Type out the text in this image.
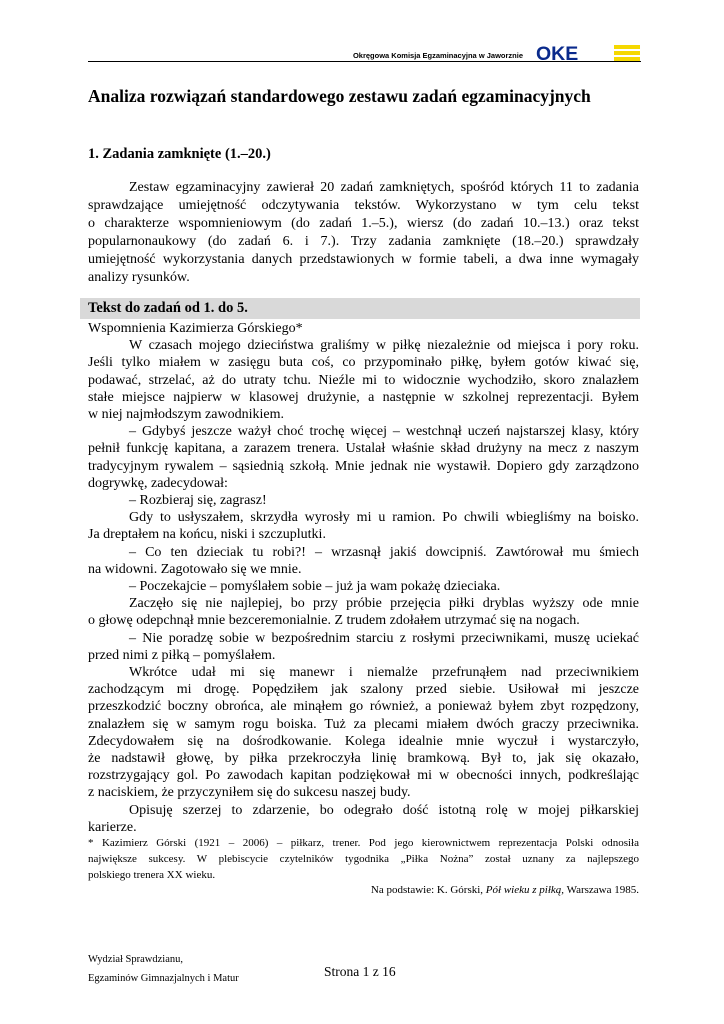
Okręgowa Komisja Egzaminacyjna w Jaworznie OKE
Analiza rozwiązań standardowego zestawu zadań egzaminacyjnych
1. Zadania zamknięte (1.–20.)
Zestaw egzaminacyjny zawierał 20 zadań zamkniętych, spośród których 11 to zadania
sprawdzające umiejętność odczytywania tekstów. Wykorzystano w tym celu tekst
o charakterze wspomnieniowym (do zadań 1.–5.), wiersz (do zadań 10.–13.) oraz tekst
popularnonaukowy (do zadań 6. i 7.). Trzy zadania zamknięte (18.–20.) sprawdzały
umiejętność wykorzystania danych przedstawionych w formie tabeli, a dwa inne wymagały
analizy rysunków.
Tekst do zadań od 1. do 5.
Wspomnienia Kazimierza Górskiego*
W czasach mojego dzieciństwa graliśmy w piłkę niezależnie od miejsca i pory roku.
Jeśli tylko miałem w zasięgu buta coś, co przypominało piłkę, byłem gotów kiwać się,
podawać, strzelać, aż do utraty tchu. Nieźle mi to widocznie wychodziło, skoro znalazłem
stałe miejsce najpierw w klasowej drużynie, a następnie w szkolnej reprezentacji. Byłem
w niej najmłodszym zawodnikiem.
– Gdybyś jeszcze ważył choć trochę więcej – westchnął uczeń najstarszej klasy, który
pełnił funkcję kapitana, a zarazem trenera. Ustalał właśnie skład drużyny na mecz z naszym
tradycyjnym rywalem – sąsiednią szkołą. Mnie jednak nie wystawił. Dopiero gdy zarządzono
dogrywkę, zadecydował:
– Rozbieraj się, zagrasz!
Gdy to usłyszałem, skrzydła wyrosły mi u ramion. Po chwili wbiegliśmy na boisko.
Ja dreptałem na końcu, niski i szczuplutki.
– Co ten dzieciak tu robi?! – wrzasnął jakiś dowcipniś. Zawtórował mu śmiech
na widowni. Zagotowało się we mnie.
– Poczekajcie – pomyślałem sobie – już ja wam pokażę dzieciaka.
Zaczęło się nie najlepiej, bo przy próbie przejęcia piłki dryblas wyższy ode mnie
o głowę odepchnął mnie bezceremonialnie. Z trudem zdołałem utrzymać się na nogach.
– Nie poradzę sobie w bezpośrednim starciu z rosłymi przeciwnikami, muszę uciekać
przed nimi z piłką – pomyślałem.
Wkrótce udał mi się manewr i niemalże przefrunąłem nad przeciwnikiem
zachodzącym mi drogę. Popędziłem jak szalony przed siebie. Usiłował mi jeszcze
przeszkodzić boczny obrońca, ale minąłem go również, a ponieważ byłem zbyt rozpędzony,
znalazłem się w samym rogu boiska. Tuż za plecami miałem dwóch graczy przeciwnika.
Zdecydowałem się na dośrodkowanie. Kolega idealnie mnie wyczuł i wystarczyło,
że nadstawił głowę, by piłka przekroczyła linię bramkową. Był to, jak się okazało,
rozstrzygający gol. Po zawodach kapitan podziękował mi w obecności innych, podkreślając
z naciskiem, że przyczyniłem się do sukcesu naszej budy.
Opisuję szerzej to zdarzenie, bo odegrało dość istotną rolę w mojej piłkarskiej
karierze.
* Kazimierz Górski (1921 – 2006) – piłkarz, trener. Pod jego kierownictwem reprezentacja Polski odnosiła
największe sukcesy. W plebiscycie czytelników tygodnika „Piłka Nożna” został uznany za najlepszego
polskiego trenera XX wieku.
Na podstawie: K. Górski, Pół wieku z piłką, Warszawa 1985.
Wydział Sprawdzianu,
Egzaminów Gimnazjalnych i Matur	Strona 1 z 16
